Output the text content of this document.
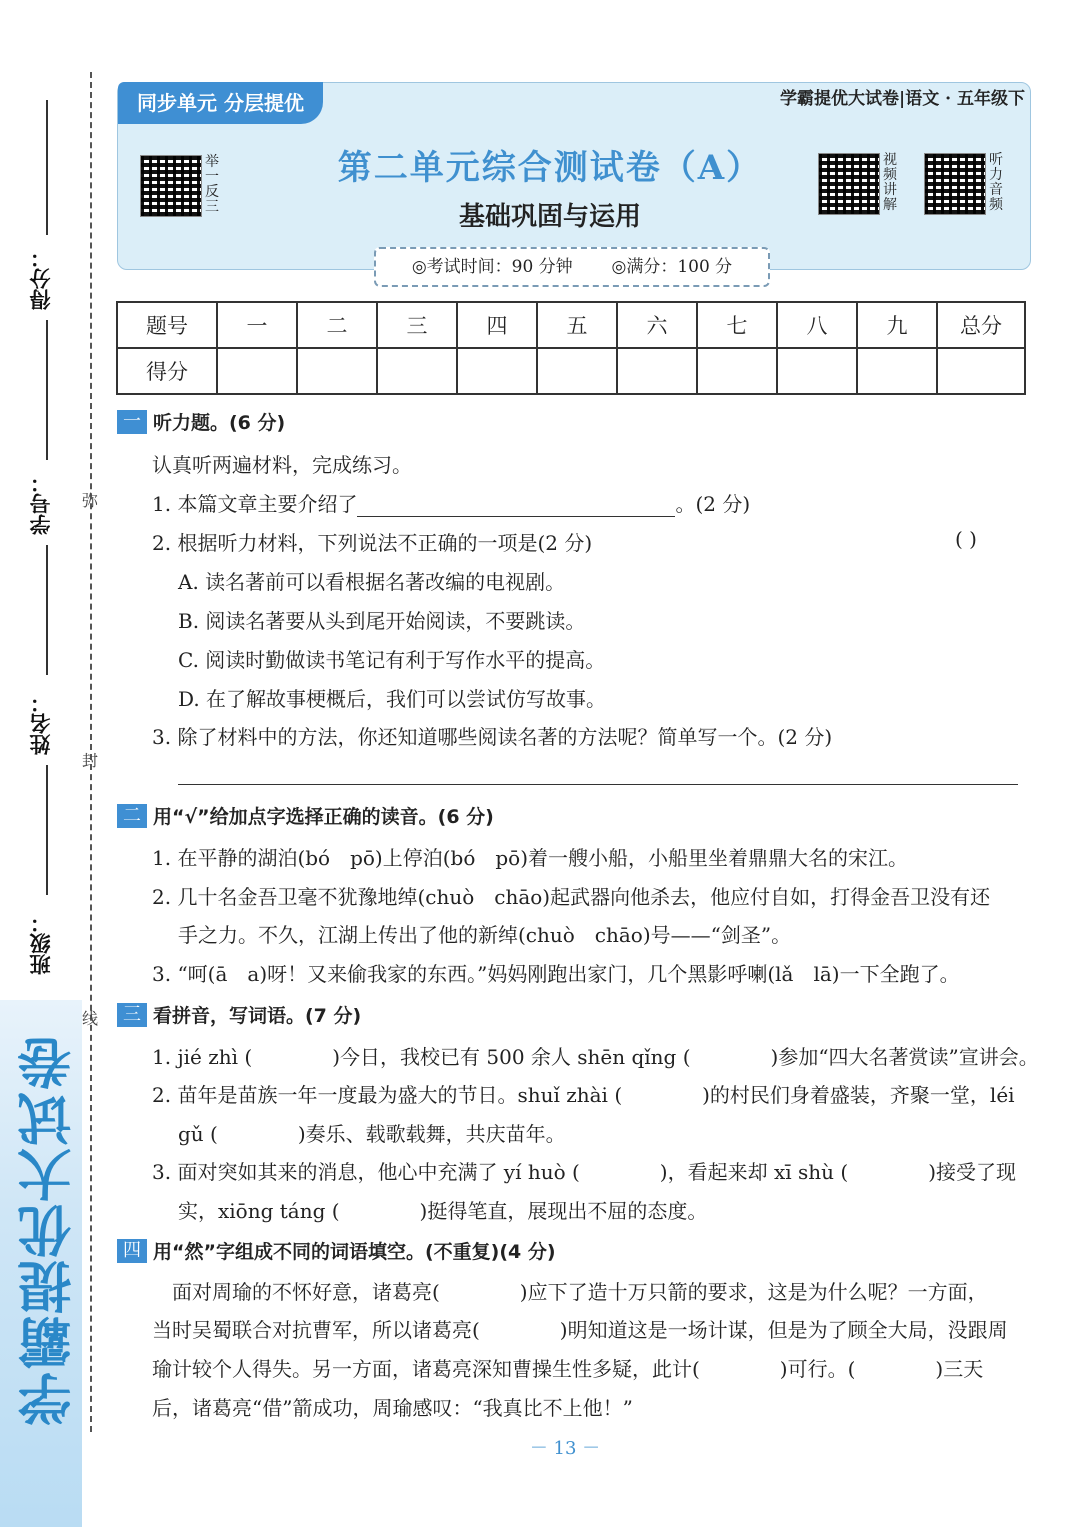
得分：
学号：
姓名：
班级：
弥
封
线
学霸提优大试卷
同步单元 分层提优	学霸提优大试卷|语文 · 五年级下
举一反三
视频讲解
听力音频
第二单元综合测试卷（A）
基础巩固与运用
◎考试时间：90 分钟 ◎满分：100 分
题号	一	二	三	四	五	六	七	八	九	总分
得分										
一 听力题。(6 分)
认真听两遍材料，完成练习。
1. 本篇文章主要介绍了	。(2 分)
2. 根据听力材料，下列说法不正确的一项是(2 分)	( )
A. 读名著前可以看根据名著改编的电视剧。
B. 阅读名著要从头到尾开始阅读，不要跳读。
C. 阅读时勤做读书笔记有利于写作水平的提高。
D. 在了解故事梗概后，我们可以尝试仿写故事。
3. 除了材料中的方法，你还知道哪些阅读名著的方法呢？简单写一个。(2 分)
二 用“√”给加点字选择正确的读音。(6 分)
1. 在平静的湖泊(bó　pō)上停泊(bó　pō)着一艘小船，小船里坐着鼎鼎大名的宋江。
2. 几十名金吾卫毫不犹豫地绰(chuò　chāo)起武器向他杀去，他应付自如，打得金吾卫没有还
手之力。不久，江湖上传出了他的新绰(chuò　chāo)号——“剑圣”。
3. “呵(ā　a)呀！又来偷我家的东西。”妈妈刚跑出家门，几个黑影呼喇(lǎ　lā)一下全跑了。
三 看拼音，写词语。(7 分)
1. jié zhì (　　　　)今日，我校已有 500 余人 shēn qǐng (　　　　)参加“四大名著赏读”宣讲会。
2. 苗年是苗族一年一度最为盛大的节日。shuǐ zhài (　　　　)的村民们身着盛装，齐聚一堂，léi
gǔ (　　　　)奏乐、载歌载舞，共庆苗年。
3. 面对突如其来的消息，他心中充满了 yí huò (　　　　)，看起来却 xī shù (　　　　)接受了现
实，xiōng táng (　　　　)挺得笔直，展现出不屈的态度。
四 用“然”字组成不同的词语填空。(不重复)(4 分)
　面对周瑜的不怀好意，诸葛亮(　　　　)应下了造十万只箭的要求，这是为什么呢？一方面，
当时吴蜀联合对抗曹军，所以诸葛亮(　　　　)明知道这是一场计谋，但是为了顾全大局，没跟周
瑜计较个人得失。另一方面，诸葛亮深知曹操生性多疑，此计(　　　　)可行。(　　　　)三天
后，诸葛亮“借”箭成功，周瑜感叹：“我真比不上他！”
－ 13 －
